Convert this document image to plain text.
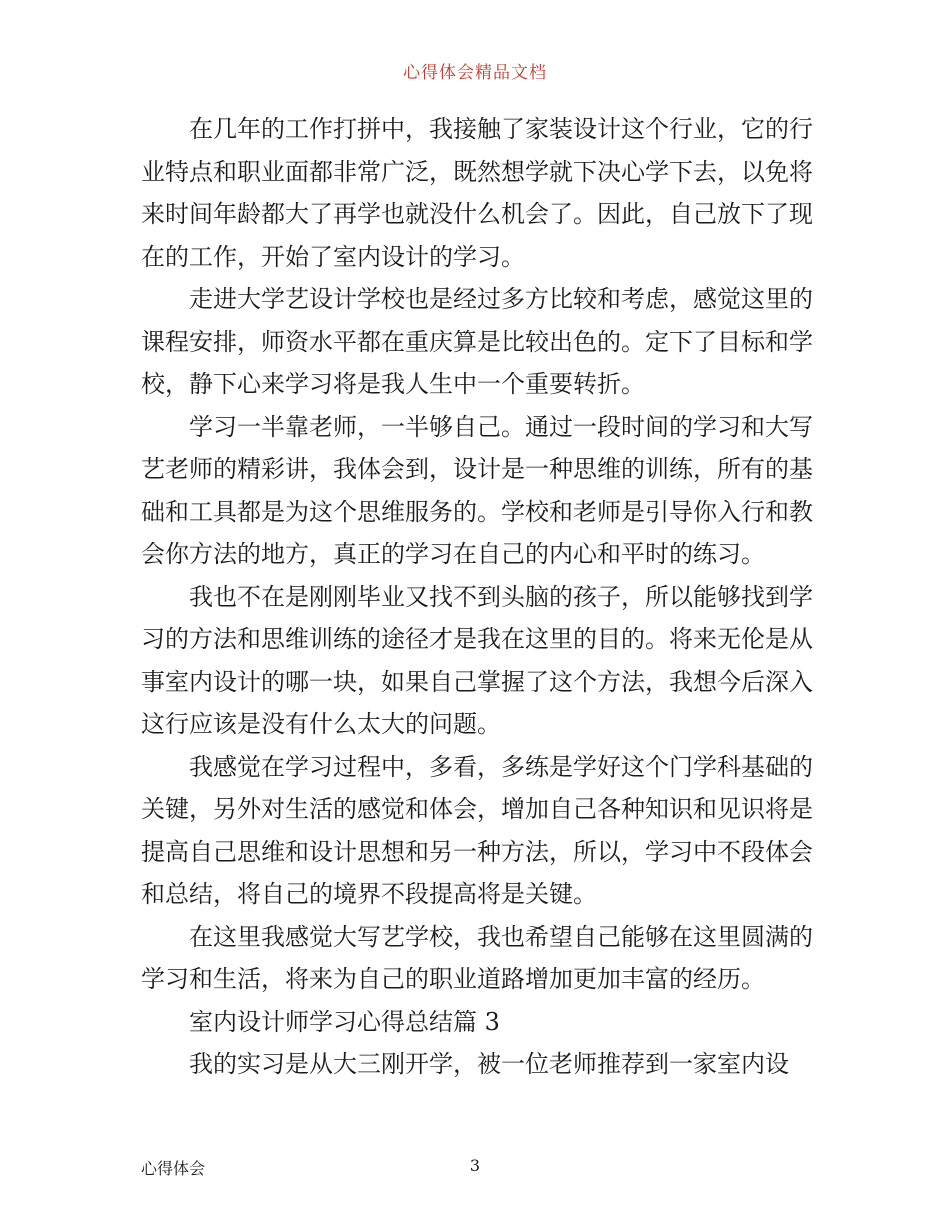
心得体会精品文档

在几年的工作打拼中，我接触了家装设计这个行业，它的行业特点和职业面都非常广泛，既然想学就下决心学下去，以免将来时间年龄都大了再学也就没什么机会了。因此，自己放下了现在的工作，开始了室内设计的学习。

走进大学艺设计学校也是经过多方比较和考虑，感觉这里的课程安排，师资水平都在重庆算是比较出色的。定下了目标和学校，静下心来学习将是我人生中一个重要转折。

学习一半靠老师，一半够自己。通过一段时间的学习和大写艺老师的精彩讲，我体会到，设计是一种思维的训练，所有的基础和工具都是为这个思维服务的。学校和老师是引导你入行和教会你方法的地方，真正的学习在自己的内心和平时的练习。

我也不在是刚刚毕业又找不到头脑的孩子，所以能够找到学习的方法和思维训练的途径才是我在这里的目的。将来无伦是从事室内设计的哪一块，如果自己掌握了这个方法，我想今后深入这行应该是没有什么太大的问题。

我感觉在学习过程中，多看，多练是学好这个门学科基础的关键，另外对生活的感觉和体会，增加自己各种知识和见识将是提高自己思维和设计思想和另一种方法，所以，学习中不段体会和总结，将自己的境界不段提高将是关键。

在这里我感觉大写艺学校，我也希望自己能够在这里圆满的学习和生活，将来为自己的职业道路增加更加丰富的经历。

室内设计师学习心得总结篇 3

我的实习是从大三刚开学，被一位老师推荐到一家室内设

心得体会	3
